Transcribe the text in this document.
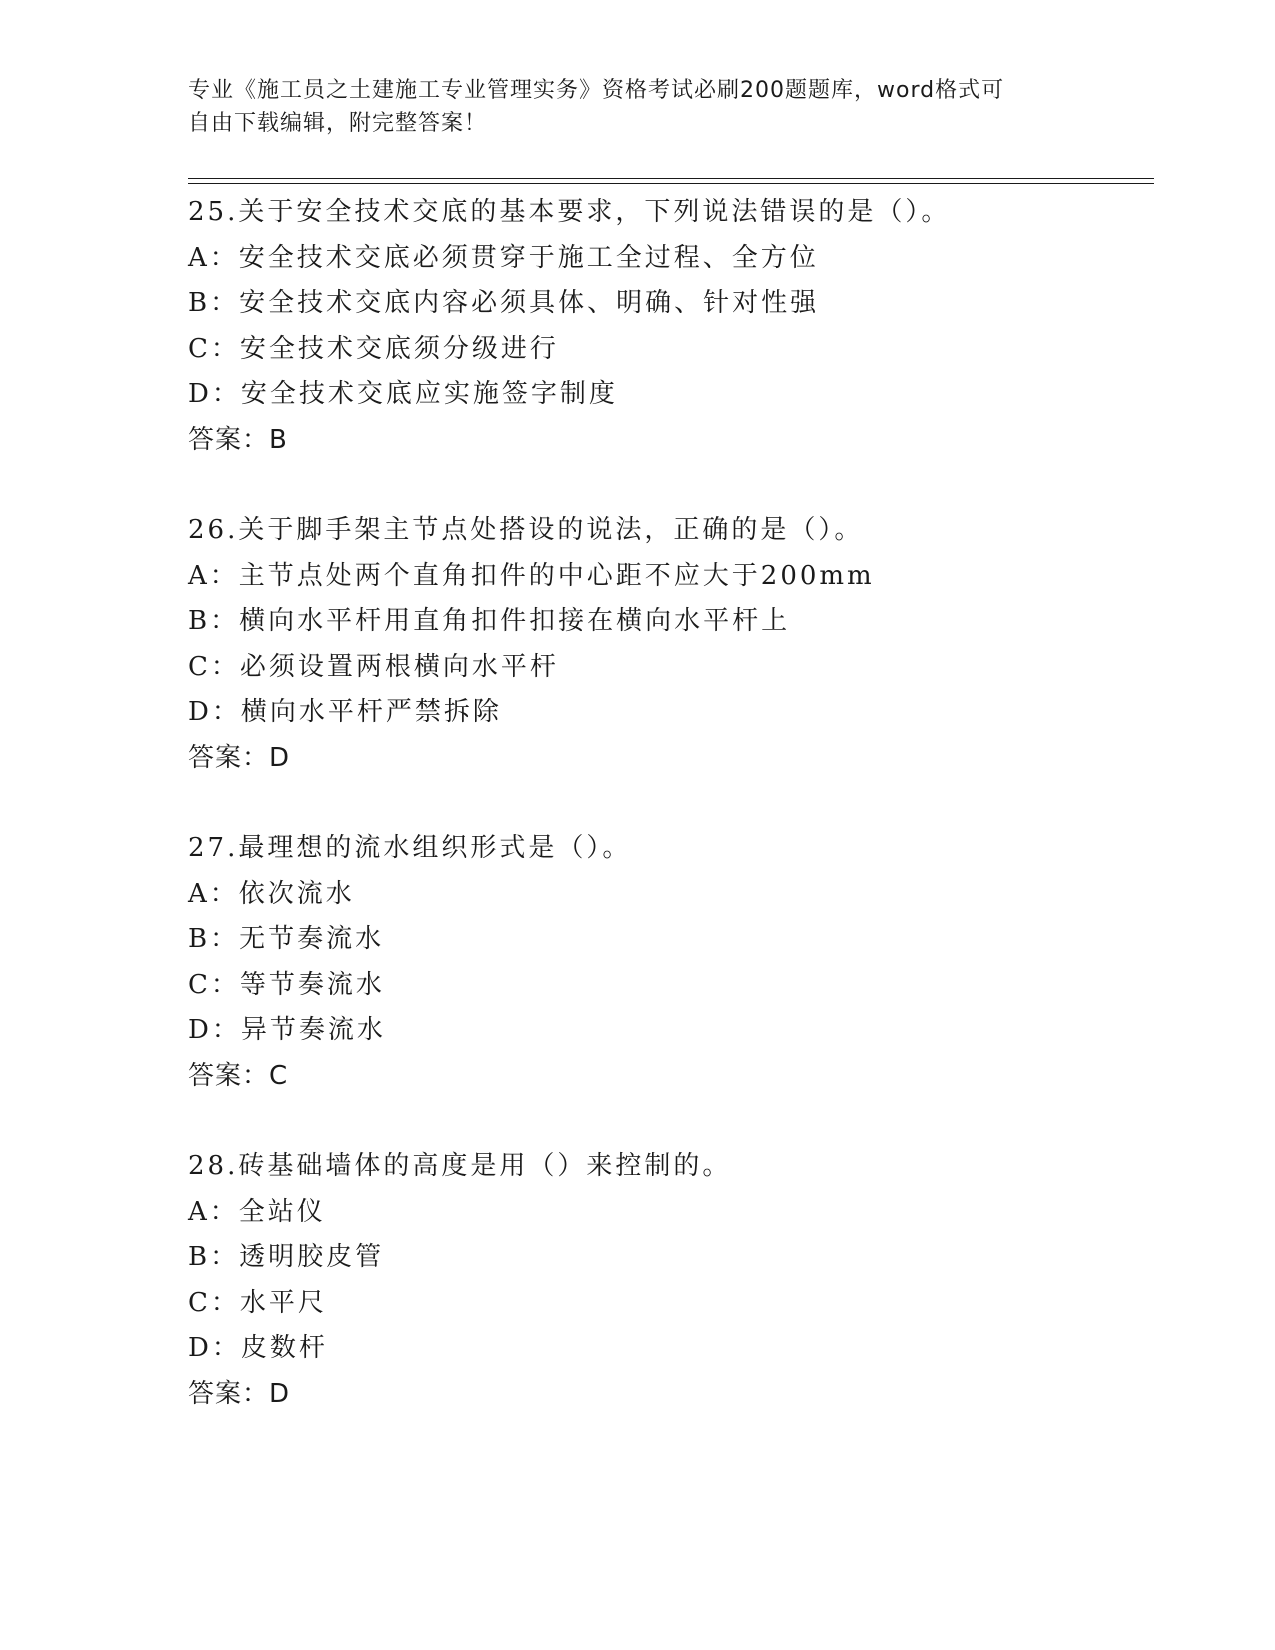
专业《施工员之土建施工专业管理实务》资格考试必刷200题题库，word格式可
自由下载编辑，附完整答案！
25.关于安全技术交底的基本要求，下列说法错误的是（）。
A：安全技术交底必须贯穿于施工全过程、全方位
B：安全技术交底内容必须具体、明确、针对性强
C：安全技术交底须分级进行
D：安全技术交底应实施签字制度
答案：B
26.关于脚手架主节点处搭设的说法，正确的是（）。
A：主节点处两个直角扣件的中心距不应大于200mm
B：横向水平杆用直角扣件扣接在横向水平杆上
C：必须设置两根横向水平杆
D：横向水平杆严禁拆除
答案：D
27.最理想的流水组织形式是（）。
A：依次流水
B：无节奏流水
C：等节奏流水
D：异节奏流水
答案：C
28.砖基础墙体的高度是用（）来控制的。
A：全站仪
B：透明胶皮管
C：水平尺
D：皮数杆
答案：D
